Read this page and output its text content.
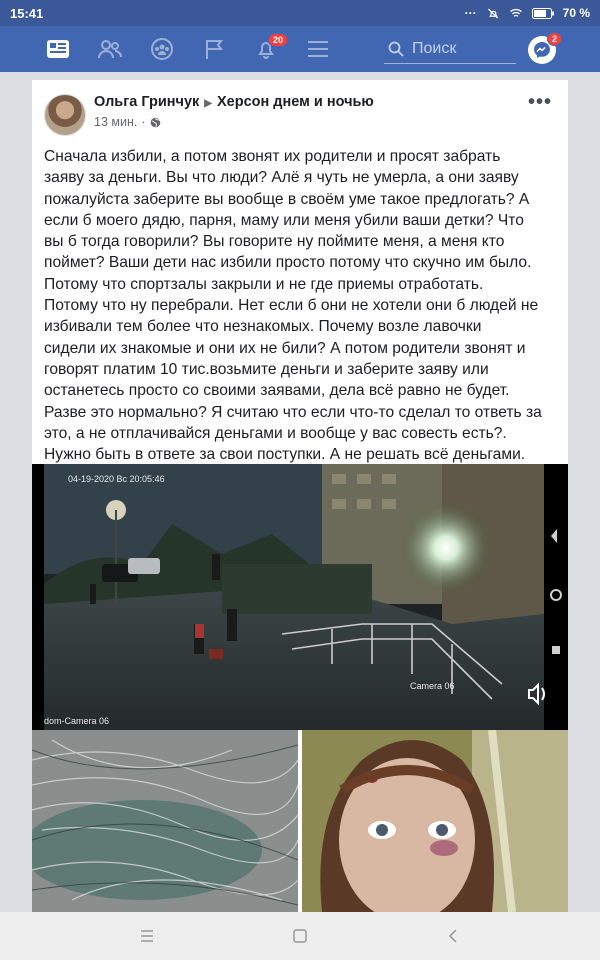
15:41	···	70 %
20	Поиск
2
Ольга Гринчук ▶ Херсон днем и ночью
13 мин. ·
•••
Сначала избили, а потом звонят их родители и просят забрать
заяву за деньги. Вы что люди? Алё я чуть не умерла, а они заяву
пожалуйста заберите вы вообще в своём уме такое предлогать? А
если б моего дядю, парня, маму или меня убили ваши детки? Что
вы б тогда говорили? Вы говорите ну поймите меня, а меня кто
поймет? Ваши дети нас избили просто потому что скучно им было.
Потому что спортзалы закрыли и не где приемы отработать.
Потому что ну перебрали. Нет если б они не хотели они б людей не
избивали тем более что незнакомых. Почему возле лавочки
сидели их знакомые и они их не били? А потом родители звонят и
говорят платим 10 тис.возьмите деньги и заберите заяву или
останетесь просто со своими заявами, дела всё равно не будет.
Разве это нормально? Я считаю что если что-то сделал то ответь за
это, а не отплачивайся деньгами и вообще у вас совесть есть?.
Нужно быть в ответе за свои поступки. А не решать всё деньгами.
04-19-2020 Вс 20:05:46
Camera 06
dom-Camera 06
